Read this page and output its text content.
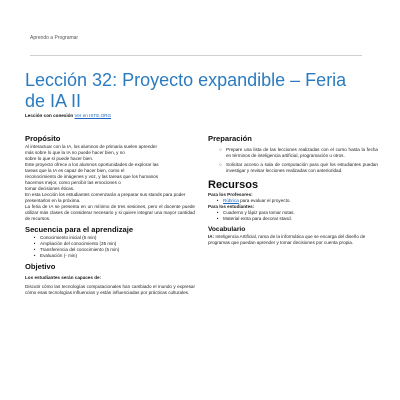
Aprendo a Programar
Lección 32: Proyecto expandible – Feria de IA II
Lección con conexión Ver en ISTE.ORG
Propósito
Al interactuar con la IA, los alumnos de primaria suelen aprender
más sobre lo que la IA no puede hacer bien, y no
sobre lo que sí puede hacer bien.
Este proyecto ofrece a los alumnos oportunidades de explorar las
tareas que la IA es capaz de hacer bien, como el
reconocimiento de imágenes y voz, y las tareas que los humanos
hacemos mejor, como percibir las emociones o
tomar decisiones éticas.

En esta Lección los estudiantes comenzarán a preparar sus stands para poder presentarlos en la próxima.

La feria de IA se presenta en un mínimo de tres sesiones, pero el docente puede utilizar más clases de considerar necesario y si quiere integrar una mayor cantidad de recursos.

Secuencia para el aprendizaje
•	Conocimiento inicial (5 min)
•	Ampliación del conocimiento (35 min)
•	Transferencia del conocimiento (5 min)
•	Evaluación (- min)
Objetivo

Los estudiantes serán capaces de:

Discutir cómo las tecnologías computacionales han cambiado el mundo y expresar cómo esas tecnologías influencian y están influenciadas por prácticas culturales.

Preparación
○ Prepare una lista de las lecciones realizadas con el curso hasta la fecha en términos de inteligencia artificial, programación u otros.
○ Solicitar acceso a sala de computación para que los estudiantes puedan investigar y revisar lecciones realizadas con anterioridad.
Recursos

Para los Profesores:

•	Rúbrica para evaluar el proyecto.

Para los estudiantes:

•	Cuaderno y lápiz para tomar notas.
•	Material extra para decorar stand.
Vocabulario

IA: Inteligencia Artificial, rama de la informática que se encarga del diseño de programas que puedan aprender y tomar decisiones por cuenta propia.
